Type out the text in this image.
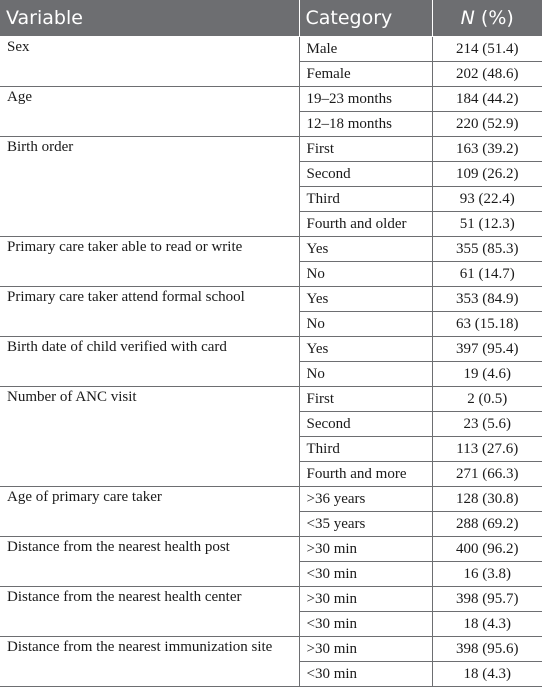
Variable	Category	N (%)
Sex	Male	214 (51.4)
	Female	202 (48.6)
Age	19–23 months	184 (44.2)
	12–18 months	220 (52.9)
Birth order	First	163 (39.2)
	Second	109 (26.2)
	Third	93 (22.4)
	Fourth and older	51 (12.3)
Primary care taker able to read or write	Yes	355 (85.3)
	No	61 (14.7)
Primary care taker attend formal school	Yes	353 (84.9)
	No	63 (15.18)
Birth date of child verified with card	Yes	397 (95.4)
	No	19 (4.6)
Number of ANC visit	First	2 (0.5)
	Second	23 (5.6)
	Third	113 (27.6)
	Fourth and more	271 (66.3)
Age of primary care taker	>36 years	128 (30.8)
	<35 years	288 (69.2)
Distance from the nearest health post	>30 min	400 (96.2)
	<30 min	16 (3.8)
Distance from the nearest health center	>30 min	398 (95.7)
	<30 min	18 (4.3)
Distance from the nearest immunization site	>30 min	398 (95.6)
	<30 min	18 (4.3)
